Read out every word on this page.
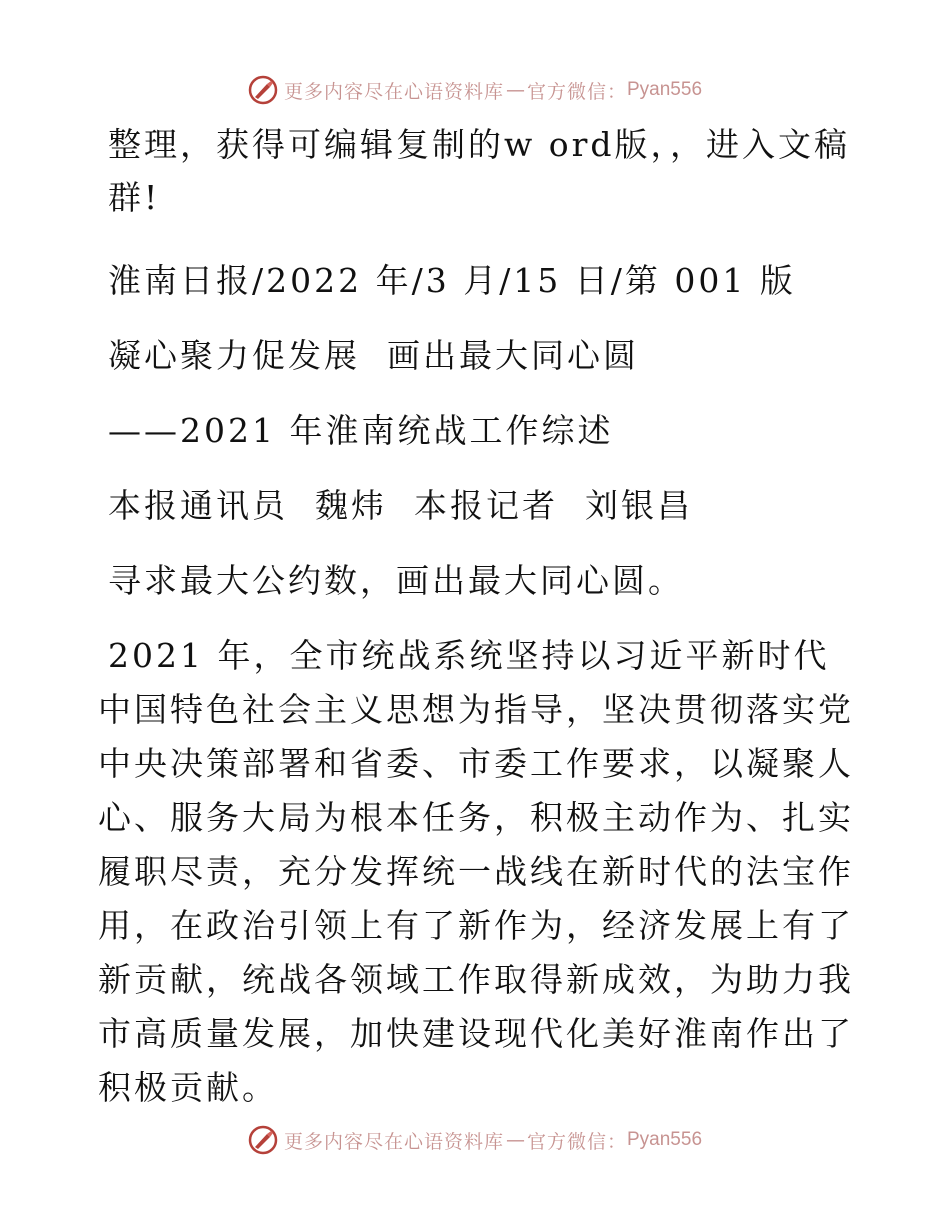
更多内容尽在心语资料库 — 官方微信： Pyan556

整理，获得可编辑复制的w ord版，，进入文稿群!

淮南日报/2022 年/3 月/15 日/第 001 版

凝心聚力促发展  画出最大同心圆

——2021 年淮南统战工作综述

本报通讯员  魏炜  本报记者  刘银昌

寻求最大公约数，画出最大同心圆。

2021 年，全市统战系统坚持以习近平新时代中国特色社会主义思想为指导，坚决贯彻落实党中央决策部署和省委、市委工作要求，以凝聚人心、服务大局为根本任务，积极主动作为、扎实履职尽责，充分发挥统一战线在新时代的法宝作用，在政治引领上有了新作为，经济发展上有了新贡献，统战各领域工作取得新成效，为助力我市高质量发展，加快建设现代化美好淮南作出了积极贡献。

更多内容尽在心语资料库 — 官方微信： Pyan556
